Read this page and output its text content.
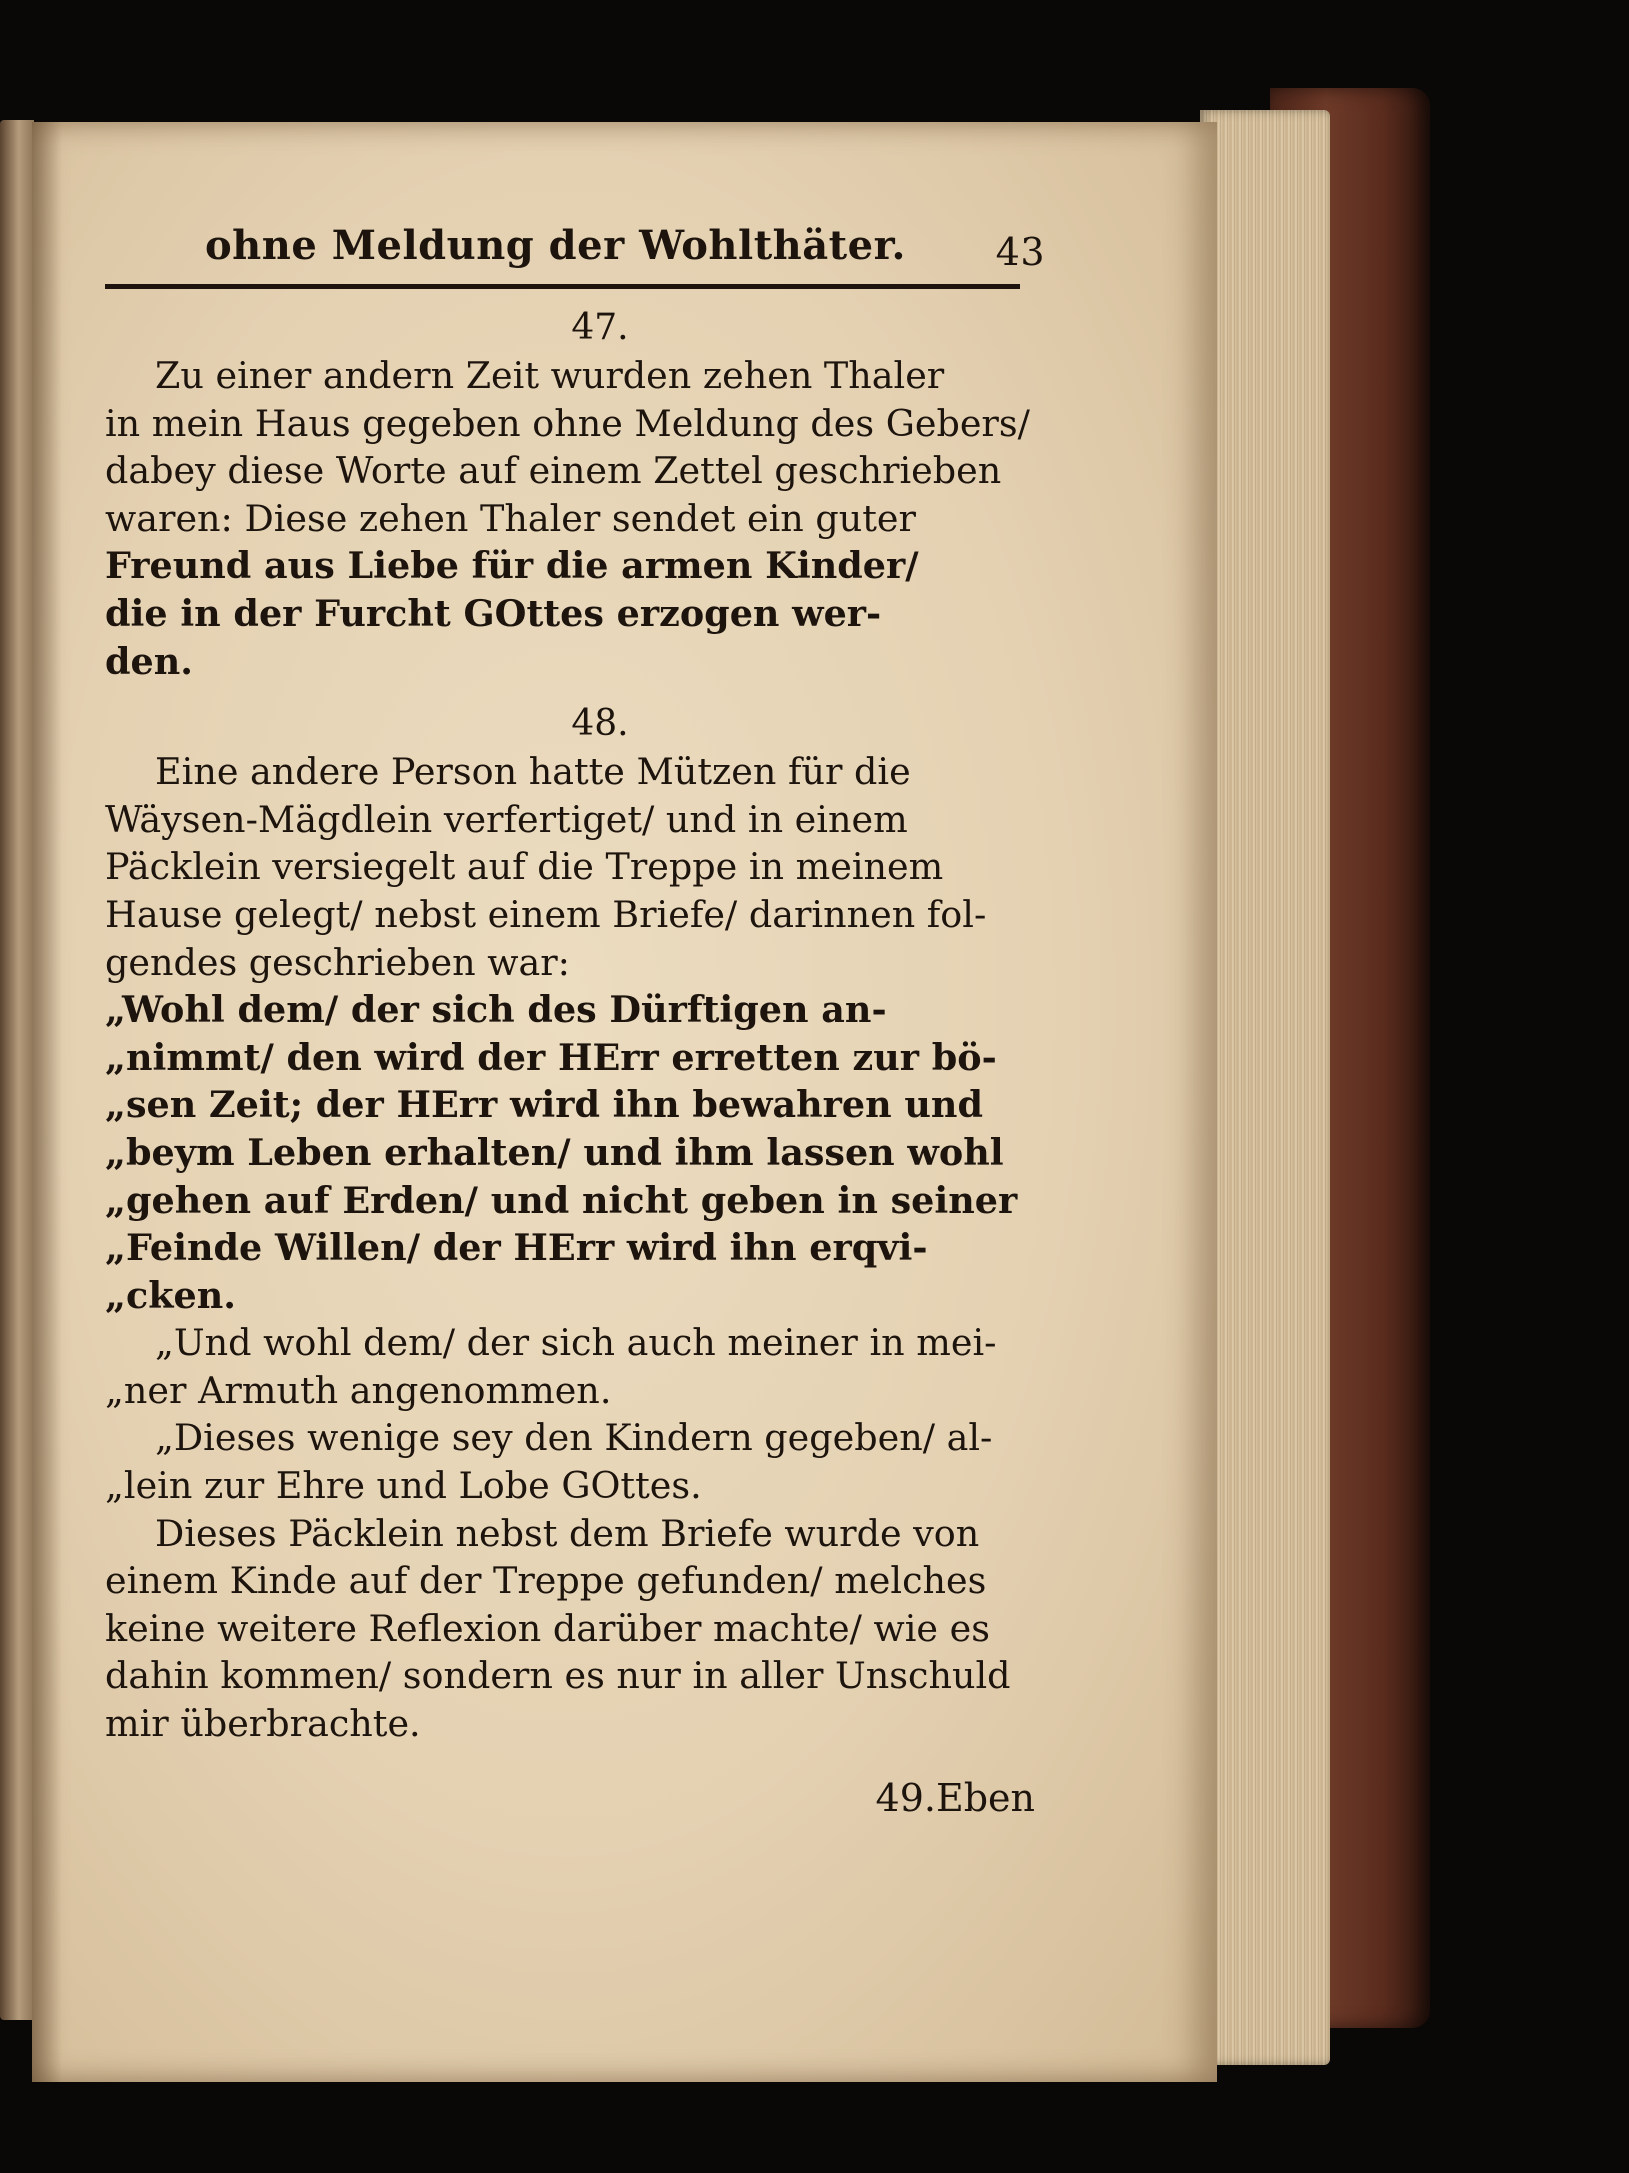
ohne Meldung der Wohlthäter. 43
47.

Zu einer andern Zeit wurden zehen Thaler
in mein Haus gegeben ohne Meldung des Gebers/
dabey diese Worte auf einem Zettel geschrieben
waren: Diese zehen Thaler sendet ein guter
Freund aus Liebe für die armen Kinder/
die in der Furcht GOttes erzogen wer-
den.

48.

Eine andere Person hatte Mützen für die
Wäysen-Mägdlein verfertiget/ und in einem
Päcklein versiegelt auf die Treppe in meinem
Hause gelegt/ nebst einem Briefe/ darinnen fol-
gendes geschrieben war:
„Wohl dem/ der sich des Dürftigen an-
„nimmt/ den wird der HErr erretten zur bö-
„sen Zeit; der HErr wird ihn bewahren und
„beym Leben erhalten/ und ihm lassen wohl
„gehen auf Erden/ und nicht geben in seiner
„Feinde Willen/ der HErr wird ihn erqvi-
„cken.
„Und wohl dem/ der sich auch meiner in mei-
„ner Armuth angenommen.
„Dieses wenige sey den Kindern gegeben/ al-
„lein zur Ehre und Lobe GOttes.
Dieses Päcklein nebst dem Briefe wurde von
einem Kinde auf der Treppe gefunden/ melches
keine weitere Reflexion darüber machte/ wie es
dahin kommen/ sondern es nur in aller Unschuld
mir überbrachte.

49.Eben
